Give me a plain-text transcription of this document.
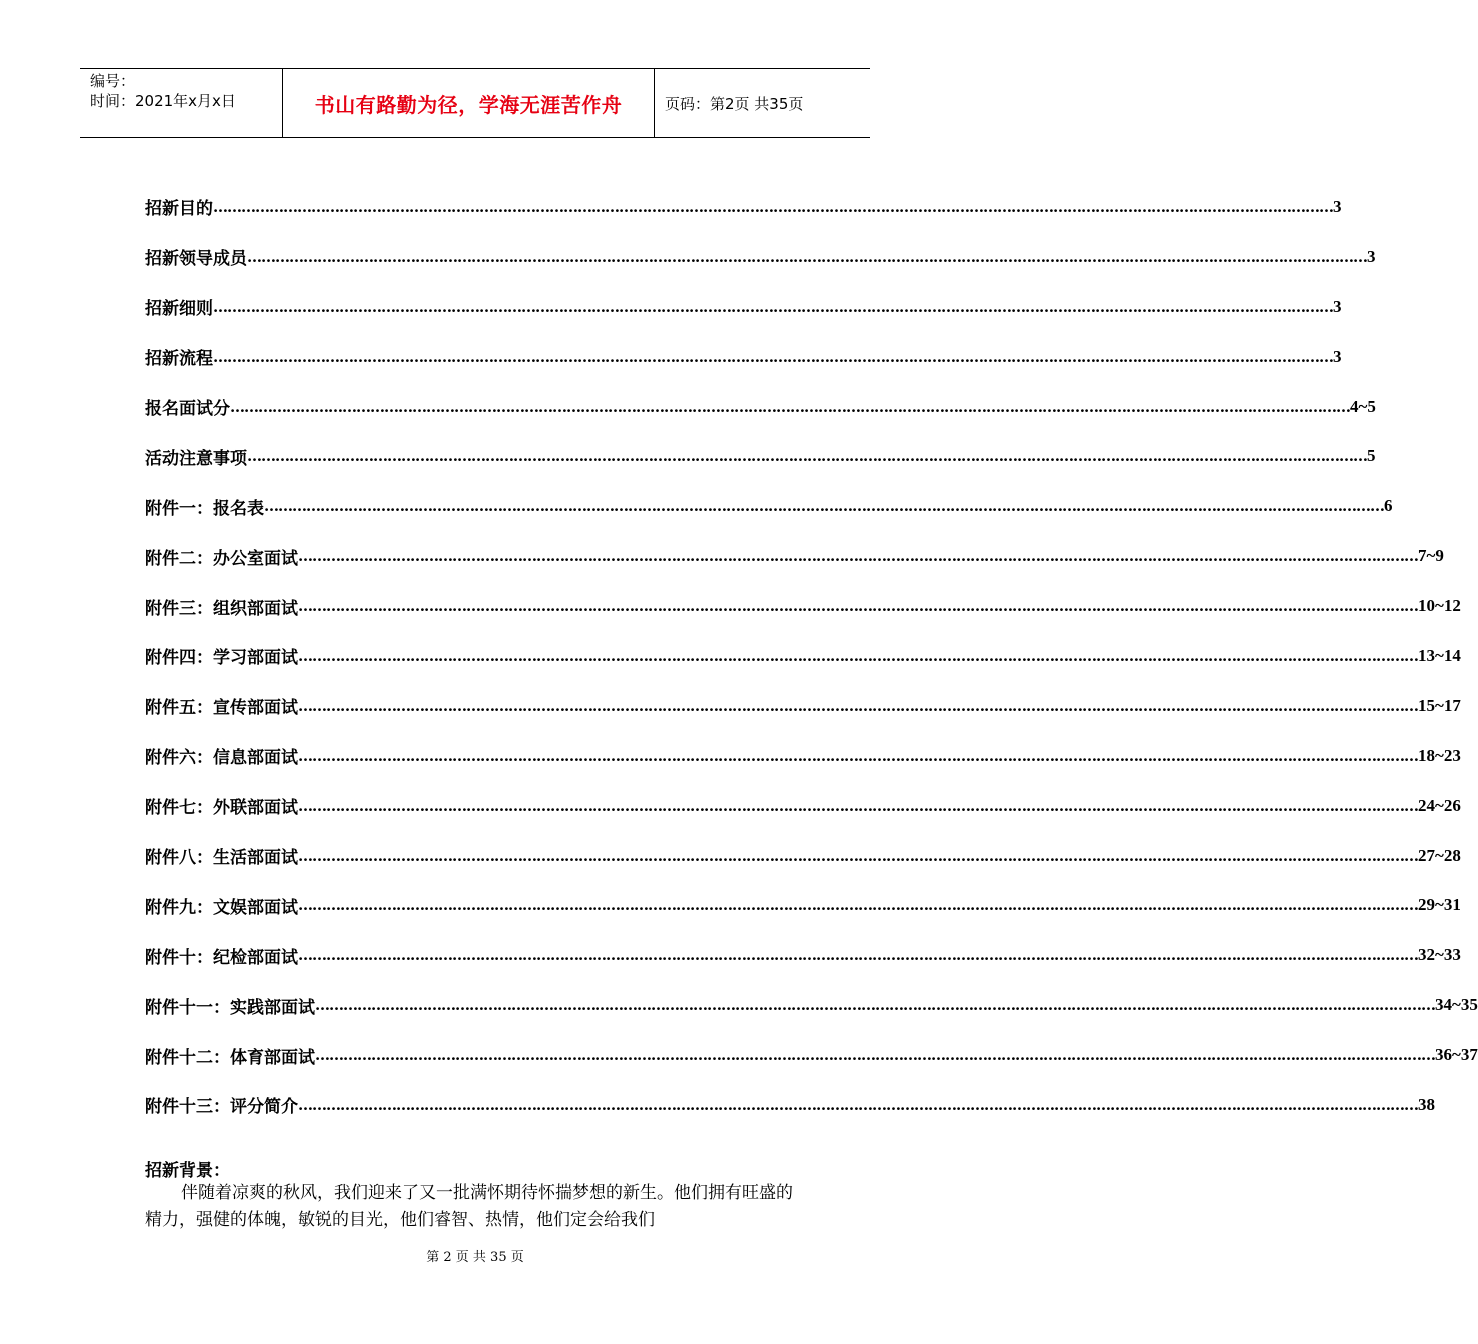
编号：
时间：2021年x月x日	书山有路勤为径，学海无涯苦作舟	页码：第2页 共35页
招新目的 …………………………………………………………………………………………………………………………………………………………………………………………………………………… 3
招新领导成员 …………………………………………………………………………………………………………………………………………………………………………………………………………………… 3
招新细则 …………………………………………………………………………………………………………………………………………………………………………………………………………………… 3
招新流程 …………………………………………………………………………………………………………………………………………………………………………………………………………………… 3
报名面试分 …………………………………………………………………………………………………………………………………………………………………………………………………………………… 4~5
活动注意事项 …………………………………………………………………………………………………………………………………………………………………………………………………………………… 5
附件一：报名表 …………………………………………………………………………………………………………………………………………………………………………………………………………………… 6
附件二：办公室面试 …………………………………………………………………………………………………………………………………………………………………………………………………………………… 7~9
附件三：组织部面试 …………………………………………………………………………………………………………………………………………………………………………………………………………………… 10~12
附件四：学习部面试 …………………………………………………………………………………………………………………………………………………………………………………………………………………… 13~14
附件五：宣传部面试 …………………………………………………………………………………………………………………………………………………………………………………………………………………… 15~17
附件六：信息部面试 …………………………………………………………………………………………………………………………………………………………………………………………………………………… 18~23
附件七：外联部面试 …………………………………………………………………………………………………………………………………………………………………………………………………………………… 24~26
附件八：生活部面试 …………………………………………………………………………………………………………………………………………………………………………………………………………………… 27~28
附件九：文娱部面试 …………………………………………………………………………………………………………………………………………………………………………………………………………………… 29~31
附件十：纪检部面试 …………………………………………………………………………………………………………………………………………………………………………………………………………………… 32~33
附件十一：实践部面试 …………………………………………………………………………………………………………………………………………………………………………………………………………………… 34~35
附件十二：体育部面试 …………………………………………………………………………………………………………………………………………………………………………………………………………………… 36~37
附件十三：评分简介 …………………………………………………………………………………………………………………………………………………………………………………………………………………… 38
招新背景：

伴随着凉爽的秋风，我们迎来了又一批满怀期待怀揣梦想的新生。他们拥有旺盛的精力，强健的体魄，敏锐的目光，他们睿智、热情，他们定会给我们

第 2 页 共 35 页
